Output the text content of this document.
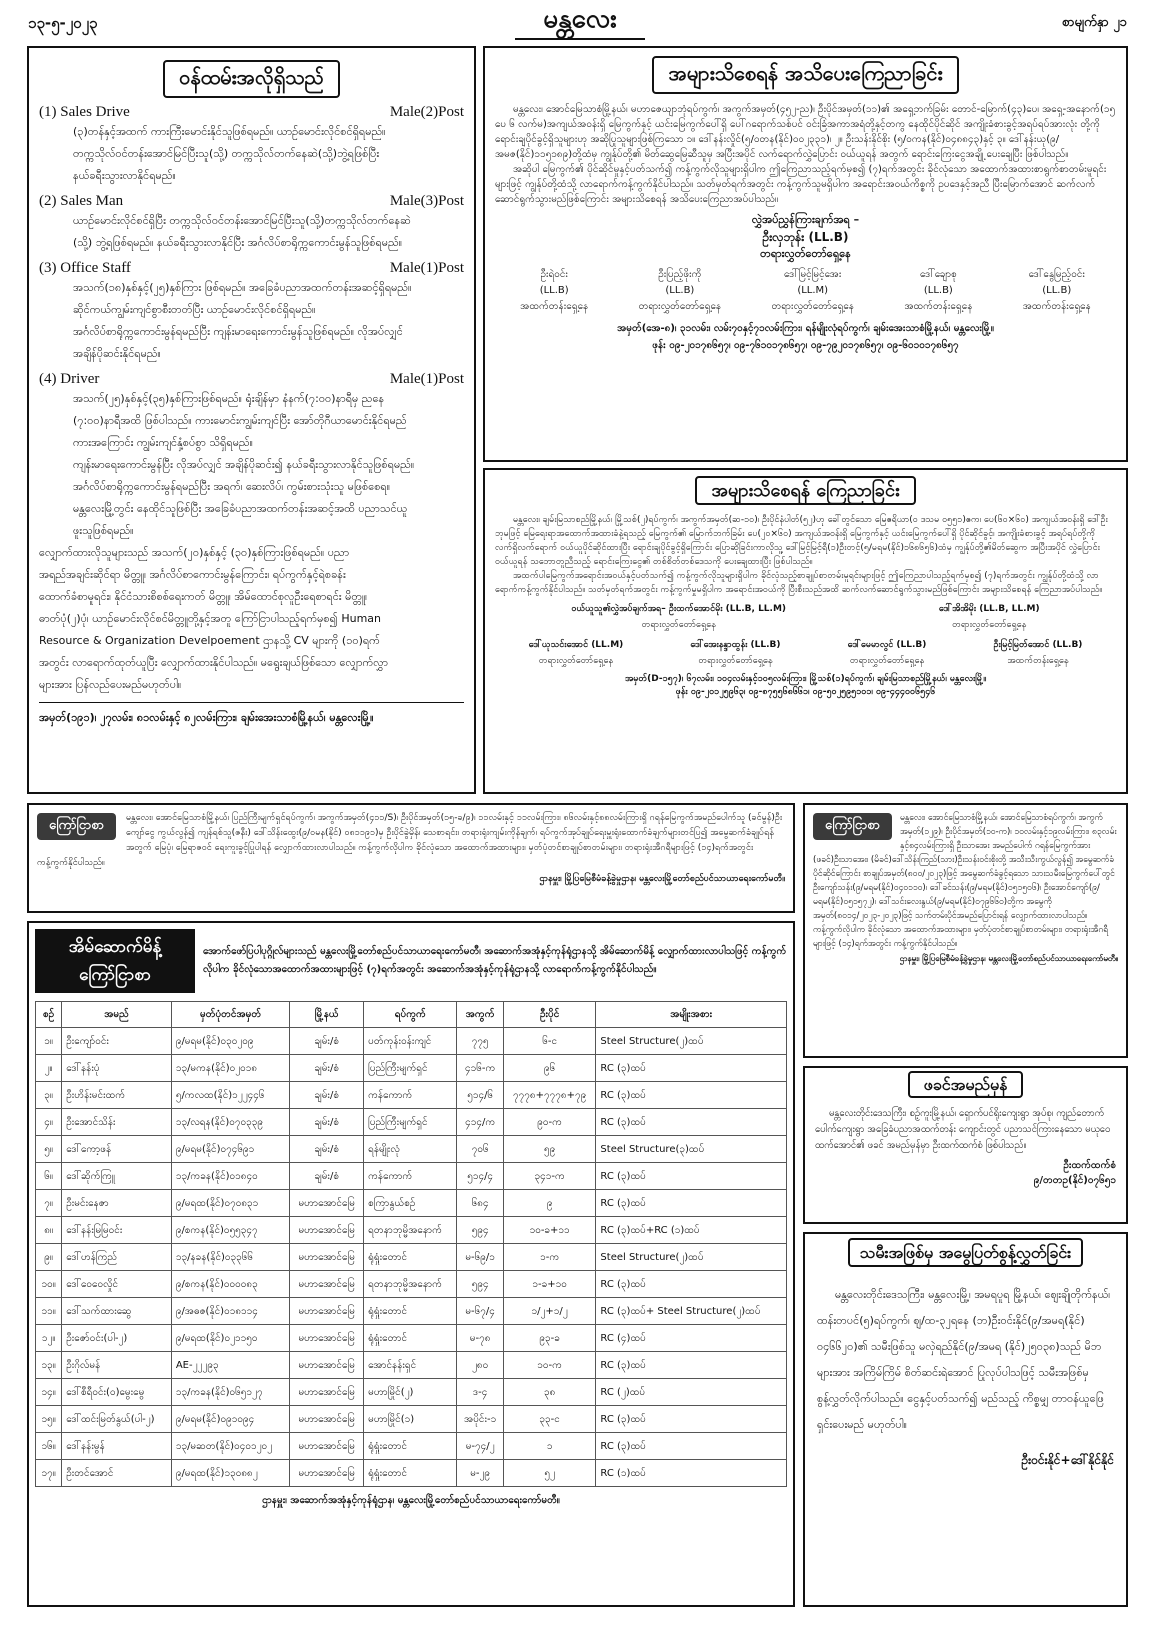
၁၃-၅-၂၀၂၃	မန္တလေး	စာမျက်နှာ ၂၁
ဝန်ထမ်းအလိုရှိသည်
(1) Sales Drive	Male(2)Post
(၃)တန်နှင့်အထက် ကားကြီးမောင်းနိုင်သူဖြစ်ရမည်။ ယာဉ်မောင်းလိုင်စင်ရှိရမည်။
တက္ကသိုလ်ဝင်တန်းအောင်မြင်ပြီးသူ(သို့) တက္ကသိုလ်တက်နေဆဲ(သို့)ဘွဲ့ရဖြစ်ပြီး
နယ်ခရီးသွားလာနိုင်ရမည်။
(2) Sales Man	Male(3)Post
ယာဉ်မောင်းလိုင်စင်ရှိပြီး တက္ကသိုလ်ဝင်တန်းအောင်မြင်ပြီးသူ(သို့)တက္ကသိုလ်တက်နေဆဲ
(သို့) ဘွဲ့ရဖြစ်ရမည်။ နယ်ခရီးသွားလာနိုင်ပြီး အင်္ဂလိပ်စာရိုက္ကကောင်းမွန်သူဖြစ်ရမည်။
(3) Office Staff	Male(1)Post
အသက်(၁၈)နှစ်နှင့်(၂၅)နှစ်ကြား ဖြစ်ရမည်။ အခြေခံပညာအထက်တန်းအဆင့်ရှိရမည်။
ဆိုင်ကယ်ကျွမ်းကျင်စွာစီးတတ်ပြီး ယာဉ်မောင်းလိုင်စင်ရှိရမည်။
အင်္ဂလိပ်စာရိုက္ကကောင်းမွန်ရမည်ပြီး ကျန်းမာရေးကောင်းမွန်သူဖြစ်ရမည်။ လိုအပ်လျှင်
အချိန်ပိုဆင်းနိုင်ရမည်။
(4) Driver	Male(1)Post
အသက်(၂၅)နှစ်နှင့်(၃၅)နှစ်ကြားဖြစ်ရမည်။ ရုံးချိန်မှာ နံနက်(၇:၀၀)နာရီမှ ညနေ
(၇:၀၀)နာရီအထိ ဖြစ်ပါသည်။ ကားမောင်းကျွမ်းကျင်ပြီး အော်တိုဂီယာမောင်းနိုင်ရမည်
ကားအကြောင်း ကျွမ်းကျင်နှံ့စပ်စွာ သိရှိရမည်။
ကျန်းမာရေးကောင်းမွန်ပြီး လိုအပ်လျှင် အချိန်ပိုဆင်း၍ နယ်ခရီးသွားလာနိုင်သူဖြစ်ရမည်။
အင်္ဂလိပ်စာရိုက္ကကောင်းမွန်ရမည်ပြီး အရက်၊ ဆေးလိပ်၊ ကွမ်းစားသုံးသူ မဖြစ်စေရ။
မန္တလေးမြို့တွင်း နေထိုင်သူဖြစ်ပြီး အခြေခံပညာအထက်တန်းအဆင့်အထိ ပညာသင်ယူ
ဖူးသူဖြစ်ရမည်။
လျှောက်ထားလိုသူများသည် အသက်(၂၀)နှစ်နှင့် (၃၀)နှစ်ကြားဖြစ်ရမည်။ ပညာ
အရည်အချင်းဆိုင်ရာ မိတ္တူ၊ အင်္ဂလိပ်စာကောင်းမွန်ကြောင်း၊ ရပ်ကွက်နှင့်ရဲစခန်း
ထောက်ခံစာမူရင်း၊ နိုင်ငံသားစိစစ်ရေးကတ် မိတ္တူ၊ အိမ်ထောင်စုလူဦးရေစာရင်း မိတ္တူ၊
ဓာတ်ပုံ(၂)ပုံ၊ ယာဉ်မောင်းလိုင်စင်မိတ္တူတို့နှင့်အတူ ကြော်ငြာပါသည့်ရက်မှစ၍ Human
Resource & Organization Develpoement ဌာနသို့ CV များကို (၁၀)ရက်
အတွင်း လာရောက်ထုတ်ယူပြီး လျှောက်ထားနိုင်ပါသည်။ မရွေးချယ်ဖြစ်သော လျှောက်လွှာ
များအား ပြန်လည်ပေးမည်မဟုတ်ပါ။
အမှတ်(၁၉၁)၊ ၂၇လမ်း၊ ၈၁လမ်းနှင့် ၈၂လမ်းကြား၊ ချမ်းအေးသာစံမြို့နယ်၊ မန္တလေးမြို့။
အများသိစေရန် အသိပေးကြေညာခြင်း
မန္တလေး၊ အောင်မြေသာစံမြို့နယ်၊ မဟာဇေယျာဘုံရပ်ကွက်၊ အကွက်အမှတ်(၄၅၂-ည)၊ ဦးပိုင်အမှတ်(၁၁)၏ အရှေ့ဘက်ခြမ်း တောင်-မြောက်(၄၃)ပေ၊ အရှေ့-အနောက်(၁၅ ပေ ၆ လက်မ)အကျယ်အဝန်းရှိ မြေကွက်နှင့် ယင်းမြေကွက်ပေါ်ရှိ ပေါ်ဂရောက်သစ်ပင် ဝင်းခြံအကာအရံတို့နှင့်တကွ နေထိုင်ပိုင်ဆိုင် အကျိုးခံစားခွင့်အရပ်ရပ်အားလုံး တို့ကို ရောင်းချပိုင်ခွင့်ရှိသူများဟု အဆိုပြုသူများဖြစ်ကြသော ၁။ ဒေါ်နန်းလှိုင်(၅/ဝတန(နိုင်)၀၀၂၃၃၁)၊ ၂။ ဦးသန်းနိုင်စိုး (၅/ဝကန(နိုင်)၀၄၈၈၄၃)နှင့် ၃။ ဒေါ်နန်းယု(၉/အမဇ(နိုင်)၁၁၅၁၈၉)တို့ထံမှ ကျွန်ုပ်တို့၏ မိတ်ဆွေမြေဆီသူမှ အပြီးအပိုင် လက်ရောက်လွှဲပြောင်း ဝယ်ယူရန် အတွက် ရောင်းကြေးငွေအချို့ ပေးချေပြီး ဖြစ်ပါသည်။
အဆိုပါ မြေကွက်၏ ပိုင်ဆိုင်မှုနှင့်ပတ်သက်၍ ကန့်ကွက်လိုသူများရှိပါက ဤကြေညာသည့်ရက်မှစ၍ (၇)ရက်အတွင်း ခိုင်လုံသော အထောက်အထားစာရွက်စာတမ်းမူရင်းများဖြင့် ကျွန်ုပ်တို့ထံသို့ လာရောက်ကန့်ကွက်နိုင်ပါသည်။ သတ်မှတ်ရက်အတွင်း ကန့်ကွက်သူမရှိပါက အရောင်းအဝယ်ကိစ္စကို ဥပဒေနှင့်အညီ ပြီးမြောက်အောင် ဆက်လက်ဆောင်ရွက်သွားမည်ဖြစ်ကြောင်း အများသိစေရန် အသိပေးကြေညာအပ်ပါသည်။
လွှဲအပ်ညွှန်ကြားချက်အရ –
ဦးလှဘုန်း (LL.B)
တရားလွှတ်တော်ရှေ့နေ
ဦးရဲဝင်း
(LL.B)
အထက်တန်းရှေ့နေ
ဦးပြည့်ဖိုးကို
(LL.B)
တရားလွှတ်တော်ရှေ့နေ
ဒေါ်မြင့်မြင့်အေး
(LL.M)
တရားလွှတ်တော်ရှေ့နေ
ဒေါ်ချောစု
(LL.B)
အထက်တန်းရှေ့နေ
ဒေါ်နွေမြည့်ဝင်း
(LL.B)
အထက်တန်းရှေ့နေ
အမှတ်(အေ-၈)၊ ၃၁လမ်း၊ လမ်း၇၀နှင့်၇၁လမ်းကြား၊ ရန်မျိုးလုံရပ်ကွက်၊ ချမ်းအေးသာစံမြို့နယ်၊ မန္တလေးမြို့။
ဖုန်း ၀၉-၂၀၁၇၈၆၅၇၊ ၀၉-၇၆၁၀၁၇၈၆၅၇၊ ၀၉-၇၉၂၀၁၇၈၆၅၇၊ ၀၉-၆၀၁၀၁၇၈၆၅၇
အများသိစေရန် ကြေညာခြင်း
မန္တလေး၊ ချမ်းမြသာစည်မြို့နယ်၊ မြို့သစ်(၂)ရပ်ကွက်၊ အကွက်အမှတ်(ဆ-၁၀)၊ ဦးပိုင်နံပါတ်(၅၂)ဟု ခေါ်တွင်သော မြေဧရိယာ(၀ ဒသမ ၀၅၅၁)ဧက၊ ပေ(၆၀×၆၀) အကျယ်အဝန်းရှိ ဒေါ်ဦး ဘုမဖြင့် မြေရေးရာအထောက်အထားခံနဲ့ရသည့် မြေကွက်၏ မြောက်ဘက်ခြမ်း ပေ(၂၀×၆၀) အကျယ်အဝန်းရှိ မြေကွက်နှင့် ယင်းမြေကွက်ပေါ်ရှိ ပိုင်ဆိုင်ခွင့်၊ အကျိုးခံစားခွင့် အရပ်ရပ်တို့ကို လက်ရှိလက်ရောက် ဝယ်ယူပိုင်ဆိုင်ထားပြီး ရောင်းချပိုင်ခွင့်ရှိကြောင်း ပြောဆိုခြင်းကာလိုသူ့ ဒေါ်မြင့်မြင့်ရီ(၁)ဦးတင့်(၅/မရမ(နိုင်)၁၆၈၆၅၆)ထံမှ ကျွန်ုပ်တို့၏မိတ်ဆွေက အပြီးအပိုင် လွှဲပြောင်း ဝယ်ယူရန် သဘောတူညီသည့် ရောင်းကြေးငွေ၏ တစ်စိတ်တစ်ဒေသကို ပေးချေထားပြီး ဖြစ်ပါသည်။
အထက်ပါမြေကွက်အရောင်းအဝယ်နှင့်ပတ်သက်၍ ကန့်ကွက်လိုသူများရှိပါက ခိုင်လုံသည့်စာချုပ်စာတမ်းမူရင်းများဖြင့် ဤကြေညာပါသည့်ရက်မှစ၍ (၇)ရက်အတွင်း ကျွန်ုပ်တို့ထံသို့ လာရောက်ကန့်ကွက်နိုင်ပါသည်။ သတ်မှတ်ရက်အတွင်း ကန့်ကွက်မှုမရှိပါက အရောင်းအဝယ်ကို ပြီးစီးသည်အထိ ဆက်လက်ဆောင်ရွက်သွားမည်ဖြစ်ကြောင်း အများသိစေရန် ကြေညာအပ်ပါသည်။
ဝယ်ယူသူ၏လွှဲအပ်ချက်အရ– ဦးထက်အောင်မိုး (LL.B, LL.M)
တရားလွှတ်တော်ရှေ့နေ
ဒေါ်အိအိမိုး (LL.B, LL.M)
တရားလွှတ်တော်ရှေ့နေ
ဒေါ်ယုသင်းအောင် (LL.M)
တရားလွှတ်တော်ရှေ့နေ
ဒေါ်အေးနန္ဒာထွန်း (LL.B)
တရားလွှတ်တော်ရှေ့နေ
ဒေါ်မေမာလွင် (LL.B)
တရားလွှတ်တော်ရှေ့နေ
ဦးမြင့်မြတ်အောင် (LL.B)
အထက်တန်းရှေ့နေ
အမှတ်(D-၁၅၇)၊ ၆၇လမ်း၊ ၁၀၄လမ်းနှင့်၁၀၅လမ်းကြား၊ မြို့သစ်(၁)ရပ်ကွက်၊ ချမ်းမြသာစည်မြို့နယ်၊ မန္တလေးမြို့။
ဖုန်း ၀၉-၂၀၁၂၅၉၆၃၊ ၀၉-၈၇၅၅၆၈၆၆၁၊ ၀၉-၅၀၂၅၉၅၁၀၁၊ ၀၉-၄၄၄၀၀၆၅၄၆
ကြော်ငြာစာ	မန္တလေး၊ အောင်မြေသာစံမြို့နယ်၊ ပြည်ကြီးမျက်ရှင်ရပ်ကွက်၊ အကွက်အမှတ်(၄၁၁/S)၊ ဦးပိုင်အမှတ်(၁၅-ခ/၉)၊ ၁၁လမ်းနှင့် ၁၁လမ်းကြား၊ ၈၆လမ်းနှင့်၈၈လမ်းကြားရှိ ဂရန်မြေကွက်အမည်ပေါက်သူ (ခင်မွန်)ဦးကျော်ငွေ ကွယ်လွန်၍ ကျန်ရစ်သူ(ဇနီး) ဒေါ်သိန်းထွေး(၉/ဝမန(နိုင်) ၀၈၁၁၉၁)မှ ဦးပိုင်ခွဲမှိန်၊ သေစာရင်း၊ တရားရုံးကျမ်းကိုန်ချက်၊ ရပ်ကွက်အုပ်ချုပ်ရေးမှူးရုံးထောက်ခံချက်များတင်ပြ၍ အမွေဆက်ခံချုပ်ရန်အတွက် မြေပုံ၊ မြေရာဇဝင် ရေးကူးခွင့်ပြုပါရန် လျှောက်ထားလာပါသည်။ ကန့်ကွက်လိုပါက ခိုင်လုံသော အထောက်အထားများ၊ မှတ်ပုံတင်စာချုပ်စာတမ်းများ၊ တရားရုံးအီဂရီများဖြင့် (၁၄)ရက်အတွင်း ကန့်ကွက်နိုင်ပါသည်။
ဌာနမှူး၊ မြို့ပြမြေစီမံခန့်ခွဲမှုဌာန၊ မန္တလေးမြို့တော်စည်ပင်သာယာရေးကော်မတီ။
ကြော်ငြာစာ	မန္တလေး၊ အောင်မြေသာစံမြို့နယ်၊ အောင်မြေသာစံရပ်ကွက်၊ အကွက်အမှတ်(၁၂၉)၊ ဦးပိုင်အမှတ်(၁၀-က)၊ ၁၀လမ်းနှင့်၁၉လမ်းကြား၊ ၈၃လမ်းနှင့်၈၄လမ်းကြားရှိ ဦးသာအေး အမည်ပေါက် ဂရန်မြေကွက်အား (ဖခင်)ဦးသာအေး၊ (မိခင်)ဒေါ်သိန်းကြည်(သား)ဦးသန်းဝင်းစိုးတို့ အသီးသီးကွယ်လွန်၍ အမွေဆက်ခံပိုင်ဆိုင်ကြောင်း စာချုပ်အမှတ်(၈၀၀/၂၀၂၃)ဖြင့် အမွေဆက်ခံခွင့်ရသော သားသမီးမြေကွက်ပေါ်တွင် ဦးကျော်သန်း(၉/မရမ(နိုင်)၀၄၀၁၁၀)၊ ဒေါ်ခင်သန်း(၉/မရမ(နိုင်)၀၅၁၅၀၆)၊ ဦးအောင်ကျော်(၉/မရမ(နိုင်)၀၅၁၅၇၂)၊ ဒေါ်သင်းလေးနွယ်(၉/မရမ(နိုင်)၀၇၉၆၆၀)တို့က အမွေကိုအမှတ်(၈၀၁၄/၂၀၂၃-၂၀၂၃)ဖြင့် သက်တမ်းပိုင်အမည်ပြောင်းရန် လျှောက်ထားလာပါသည်။ ကန့်ကွက်လိုပါက ခိုင်လုံသော အထောက်အထားများ၊ မှတ်ပုံတင်စာချုပ်စာတမ်းများ၊ တရားရုံးအီဂရီများဖြင့် (၁၄)ရက်အတွင်း ကန့်ကွက်နိုင်ပါသည်။
ဌာနမှူး၊ မြို့ပြမြေစီမံခန့်ခွဲမှုဌာန၊ မန္တလေးမြို့တော်စည်ပင်သာယာရေးကော်မတီ။
အိမ်ဆောက်မိန့်
ကြော်ငြာစာ
အောက်ဖော်ပြပါပုဂ္ဂိုလ်များသည် မန္တလေးမြို့တော်စည်ပင်သာယာရေးကော်မတီ၊ အဆောက်အအုံနှင့်ကုန်ရုံဌာနသို့ အိမ်ဆောက်မိန့် လျှောက်ထားလာပါသဖြင့် ကန့်ကွက်လိုပါက ခိုင်လုံသောအထောက်အထားများဖြင့် (၇)ရက်အတွင်း အဆောက်အအုံနှင့်ကုန်ရုံဌာနသို့ လာရောက်ကန့်ကွက်နိုင်ပါသည်။
စဉ်	အမည်	မှတ်ပုံတင်အမှတ်	မြို့နယ်	ရပ်ကွက်	အကွက်	ဦးပိုင်	အမျိုးအစား
၁။	ဦးကျော်ဝင်း	၉/မရမ(နိုင်)၀၃၀၂၀၉	ချမ်း/စံ	ပတ်ကုန်းဝန်းကျင်	၇၇၅	၆-င	Steel Structure(၂)ထပ်
၂။	ဒေါ်နန်းပုံ	၁၃/မကန(နိုင်)၀၂၀၁၈	ချမ်း/စံ	ပြည်ကြီးမျက်ရှင်	၄၁၆-က	၉၆	RC (၃)ထပ်
၃။	ဦးဟိန်းမင်းထက်	၅/ကလထ(နိုင်)၁၂၂၄၄၆	ချမ်း/စံ	ကန်ကောက်	၅၁၄/၆	၇၇၇၈+၇၇၇၈+၇၉	RC (၃)ထပ်
၄။	ဦးအောင်သိန်း	၁၃/လရန(နိုင်)၀၇၀၃၃၉	ချမ်း/စံ	ပြည်ကြီးမျက်ရှင်	၄၁၄/က	၉၀-က	RC (၃)ထပ်
၅။	ဒေါ်ကော့ဖန်	၉/မရမ(နိုင်)၀၇၄၆၉၁	ချမ်း/စံ	ရန်မျိုးလုံ	၇၀၆	၅၉	Steel Structure(၃)ထပ်
၆။	ဒေါ်ဆိုက်ကြူ	၁၃/ကခန(နိုင်)၀၁၈၄၀	ချမ်း/စံ	ကန်ကောက်	၅၁၄/၄	၃၄၁-က	RC (၃)ထပ်
၇။	ဦးမင်းနေဇာ	၉/မရထ(နိုင်)၀၇၀၈၃၁	မဟာအောင်မြေ	စကြာနွယ်စဉ်	၆၈၄	၉	RC (၃)ထပ်
၈။	ဒေါ်နန်းမြမြဝင်း	၉/စကန(နိုင်)၀၅၅၃၄၇	မဟာအောင်မြေ	ရတနာဘုမ္မိအနောက်	၅၉၄	၁၀-ခ+၁၁	RC (၃)ထပ်+RC (၁)ထပ်
၉။	ဒေါ်ဟန်ကြည်	၁၃/နခန(နိုင်)၀၃၃၆၆	မဟာအောင်မြေ	ရုံရှုံးတောင်	မ-၆၉/၁	၁-က	Steel Structure(၂)ထပ်
၁၀။	ဒေါ်ဝေဝေလှိုင်	၉/စကန(နိုင်)၀၀၀၀၈၃	မဟာအောင်မြေ	ရတနာဘုမ္မိအနောက်	၅၉၄	၁-ခ+၁၀	RC (၃)ထပ်
၁၁။	ဒေါ်သက်ထားဆွေ	၉/အဓဇ(နိုင်)၀၁၈၁၁၄	မဟာအောင်မြေ	ရုံရှုံးတောင်	မ-၆၇/၄	၁/၂+၁/၂	RC (၃)ထပ်+ Steel Structure(၂)ထပ်
၁၂။	ဦးဇော်ဝင်း(ပါ-၂)	၉/မရထ(နိုင်)၀၂၁၁၅၀	မဟာအောင်မြေ	ရုံရှုံးတောင်	မ-၇၈	၉၃-ခ	RC (၄)ထပ်
၁၃။	ဦးဂိုလ်မန်	AE-၂၂၂၉၃	မဟာအောင်မြေ	အောင်နန်းရှင်	၂၈၀	၁၀-က	RC (၃)ထပ်
၁၄။	ဒေါ်စီရီဝင်း(ဝ)မွေးမွေ	၁၃/ကခန(နိုင်)၀၆၅၁၂၇	မဟာအောင်မြေ	မဟာမြိုင်(၂)	ဒ-၄	၃၈	RC (၂)ထပ်
၁၅။	ဒေါ်ထင်းမြတ်နွယ်(ပါ-၂)	၉/မရမ(နိုင်)၀၉၁၀၉၄	မဟာအောင်မြေ	မဟာမြိုင်(၁)	အပိုင်း-၁	၃၃-င	RC (၃)ထပ်
၁၆။	ဒေါ်နန်းမွန်	၁၃/မဆတ(နိုင်)၀၄၀၁၂၀၂	မဟာအောင်မြေ	ရုံရှုံးတောင်	မ-၇၄/၂	၁	RC (၃)ထပ်
၁၇။	ဦးတင်အောင်	၉/မရထ(နိုင်)၁၃၀၈၈၂	မဟာအောင်မြေ	ရုံရှုံးတောင်	မ-၂၉	၅၂	RC (၁)ထပ်
ဌာနမှူး၊ အဆောက်အအုံနှင့်ကုန်ရုံဌာန၊ မန္တလေးမြို့တော်စည်ပင်သာယာရေးကော်မတီ။
ဖခင်အမည်မှန်
မန္တလေးတိုင်းဒေသကြီး၊ စဉ့်ကူးမြို့နယ်၊ ရှောက်ပင်ရိုးကျေးရွာ အုပ်စု၊ ကျည်တောက်ပေါက်ကျေးရွာ အခြေခံပညာအထက်တန်း ကျောင်းတွင် ပညာသင်ကြားနေသော မယုဝေထက်အောင်၏ ဖခင် အမည်မှန်မှာ ဦးထက်ထက်စံ ဖြစ်ပါသည်။
ဦးထက်ထက်စံ
၉/တတဥ(နိုင်)၀၇၆၅၁
သမီးအဖြစ်မှ အမွေပြတ်စွန့်လွှတ်ခြင်း
မန္တလေးတိုင်းဒေသကြီး၊ မန္တလေးမြို့၊ အမရပူရ မြို့နယ်၊ ဈေးချိုတိုက်နယ်၊ ထန်းတပင်(၅)ရပ်ကွက်၊ ဈ/ထ-၃၂ရနေ (ဘ)ဦးဝင်းနိုင်(၉/အမရ(နိုင်) ၀၄၆၆၂၀)၏ သမီးဖြစ်သူ မလှဲရည်နိုင်(၉/အမရ (နိုင်)၂၅၀၃၈)သည် မိဘများအား အကြိမ်ကြိမ် စိတ်ဆင်းရဲအောင် ပြုလုပ်ပါသဖြင့် သမီးအဖြစ်မှ စွန့်လွှတ်လိုက်ပါသည်။ ငွေနှင့်ပတ်သက်၍ မည်သည့် ကိစ္စမျှ တာဝန်ယူဖြေရှင်းပေးမည် မဟုတ်ပါ။
ဦးဝင်းနိုင်+ဒေါ်နိုင်နိုင်
